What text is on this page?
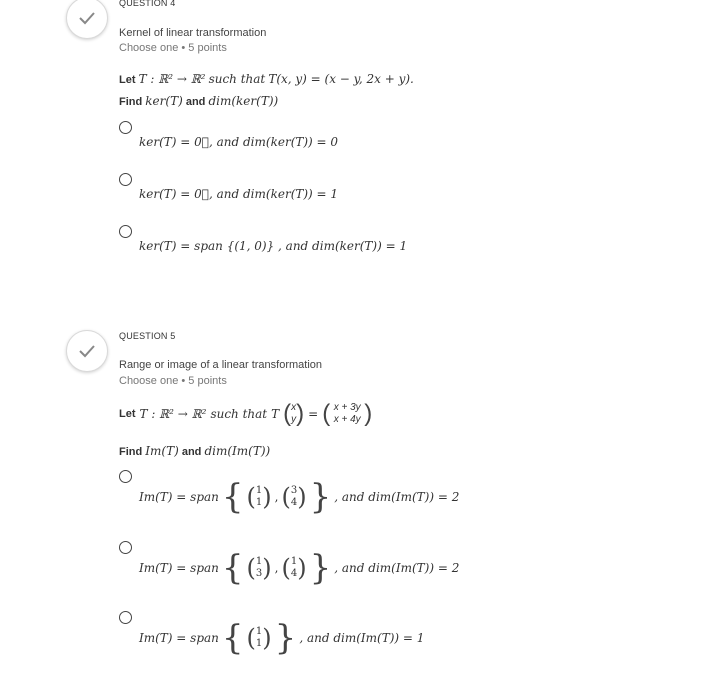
QUESTION 4
Kernel of linear transformation
Choose one • 5 points
Let T : ℝ² → ℝ² such that T(x, y) = (x − y, 2x + y).
Find ker(T) and dim(ker(T))
ker(T) = 0⃗, and dim(ker(T)) = 0
ker(T) = 0⃗, and dim(ker(T)) = 1
ker(T) = span {(1, 0)} , and dim(ker(T)) = 1
QUESTION 5
Range or image of a linear transformation
Choose one • 5 points
Let T : ℝ² → ℝ² such that T ( x
y ) = ( x + 3y
x + 4y )
Find Im(T) and dim(Im(T))
Im(T) = span { ( 1
1 ) , ( 3
4 ) } , and dim(Im(T)) = 2
Im(T) = span { ( 1
3 ) , ( 1
4 ) } , and dim(Im(T)) = 2
Im(T) = span { ( 1
1 ) } , and dim(Im(T)) = 1
